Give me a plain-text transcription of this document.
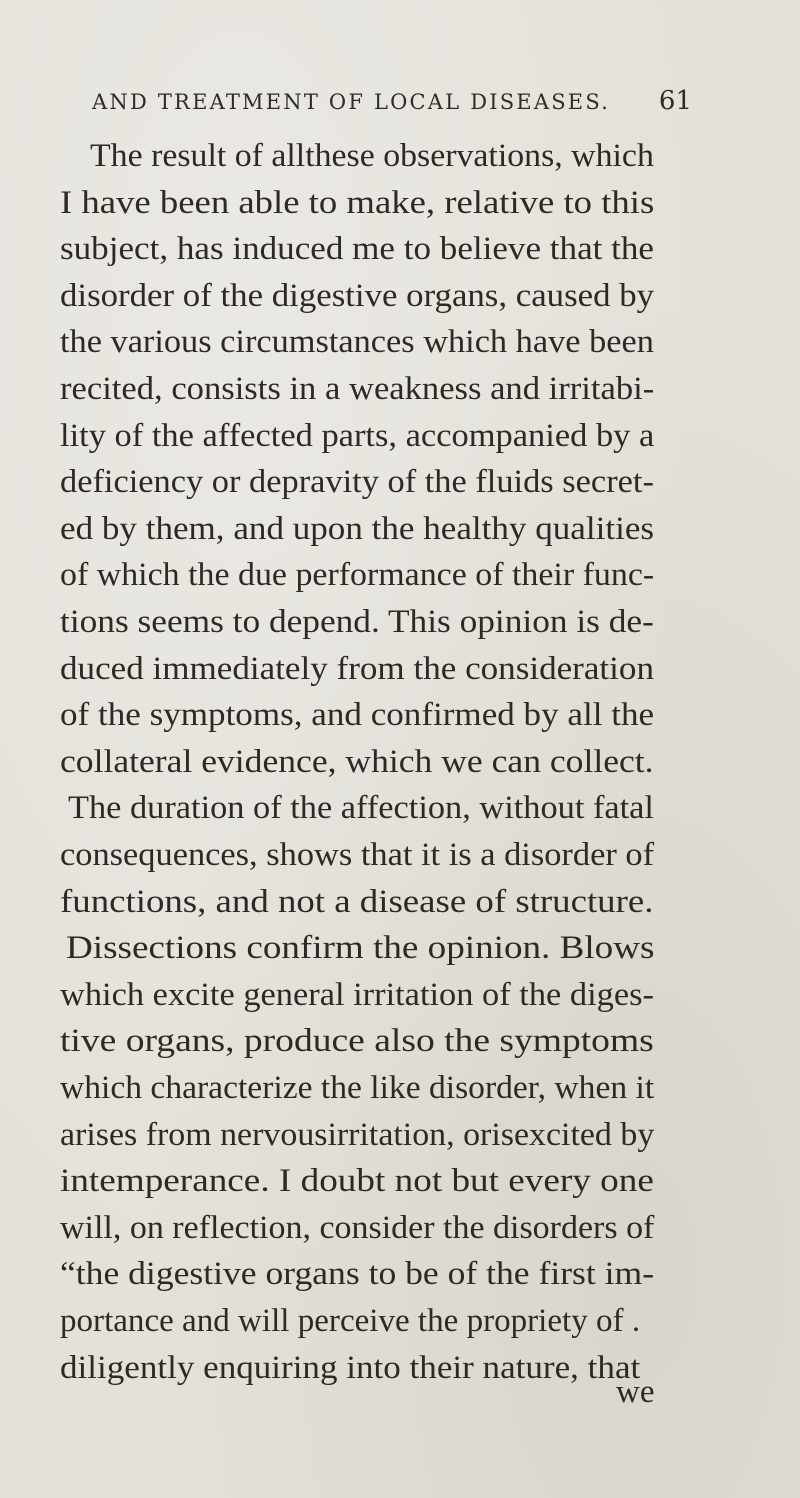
AND TREATMENT OF LOCAL DISEASES. 61
The result of allthese observations, which
I have been able to make, relative to this
subject, has induced me to believe that the
disorder of the digestive organs, caused by
the various circumstances which have been
recited, consists in a weakness and irritabi-
lity of the affected parts, accompanied by a
deficiency or depravity of the fluids secret-
ed by them, and upon the healthy qualities
of which the due performance of their func-
tions seems to depend. This opinion is de-
duced immediately from the consideration
of the symptoms, and confirmed by all the
collateral evidence, which we can collect.
The duration of the affection, without fatal
consequences, shows that it is a disorder of
functions, and not a disease of structure.
Dissections confirm the opinion. Blows
which excite general irritation of the diges-
tive organs, produce also the symptoms
which characterize the like disorder, when it
arises from nervousirritation, orisexcited by
intemperance. I doubt not but every one
will, on reflection, consider the disorders of
“the digestive organs to be of the first im-
portance and will perceive the propriety of .
diligently enquiring into their nature, that
we
